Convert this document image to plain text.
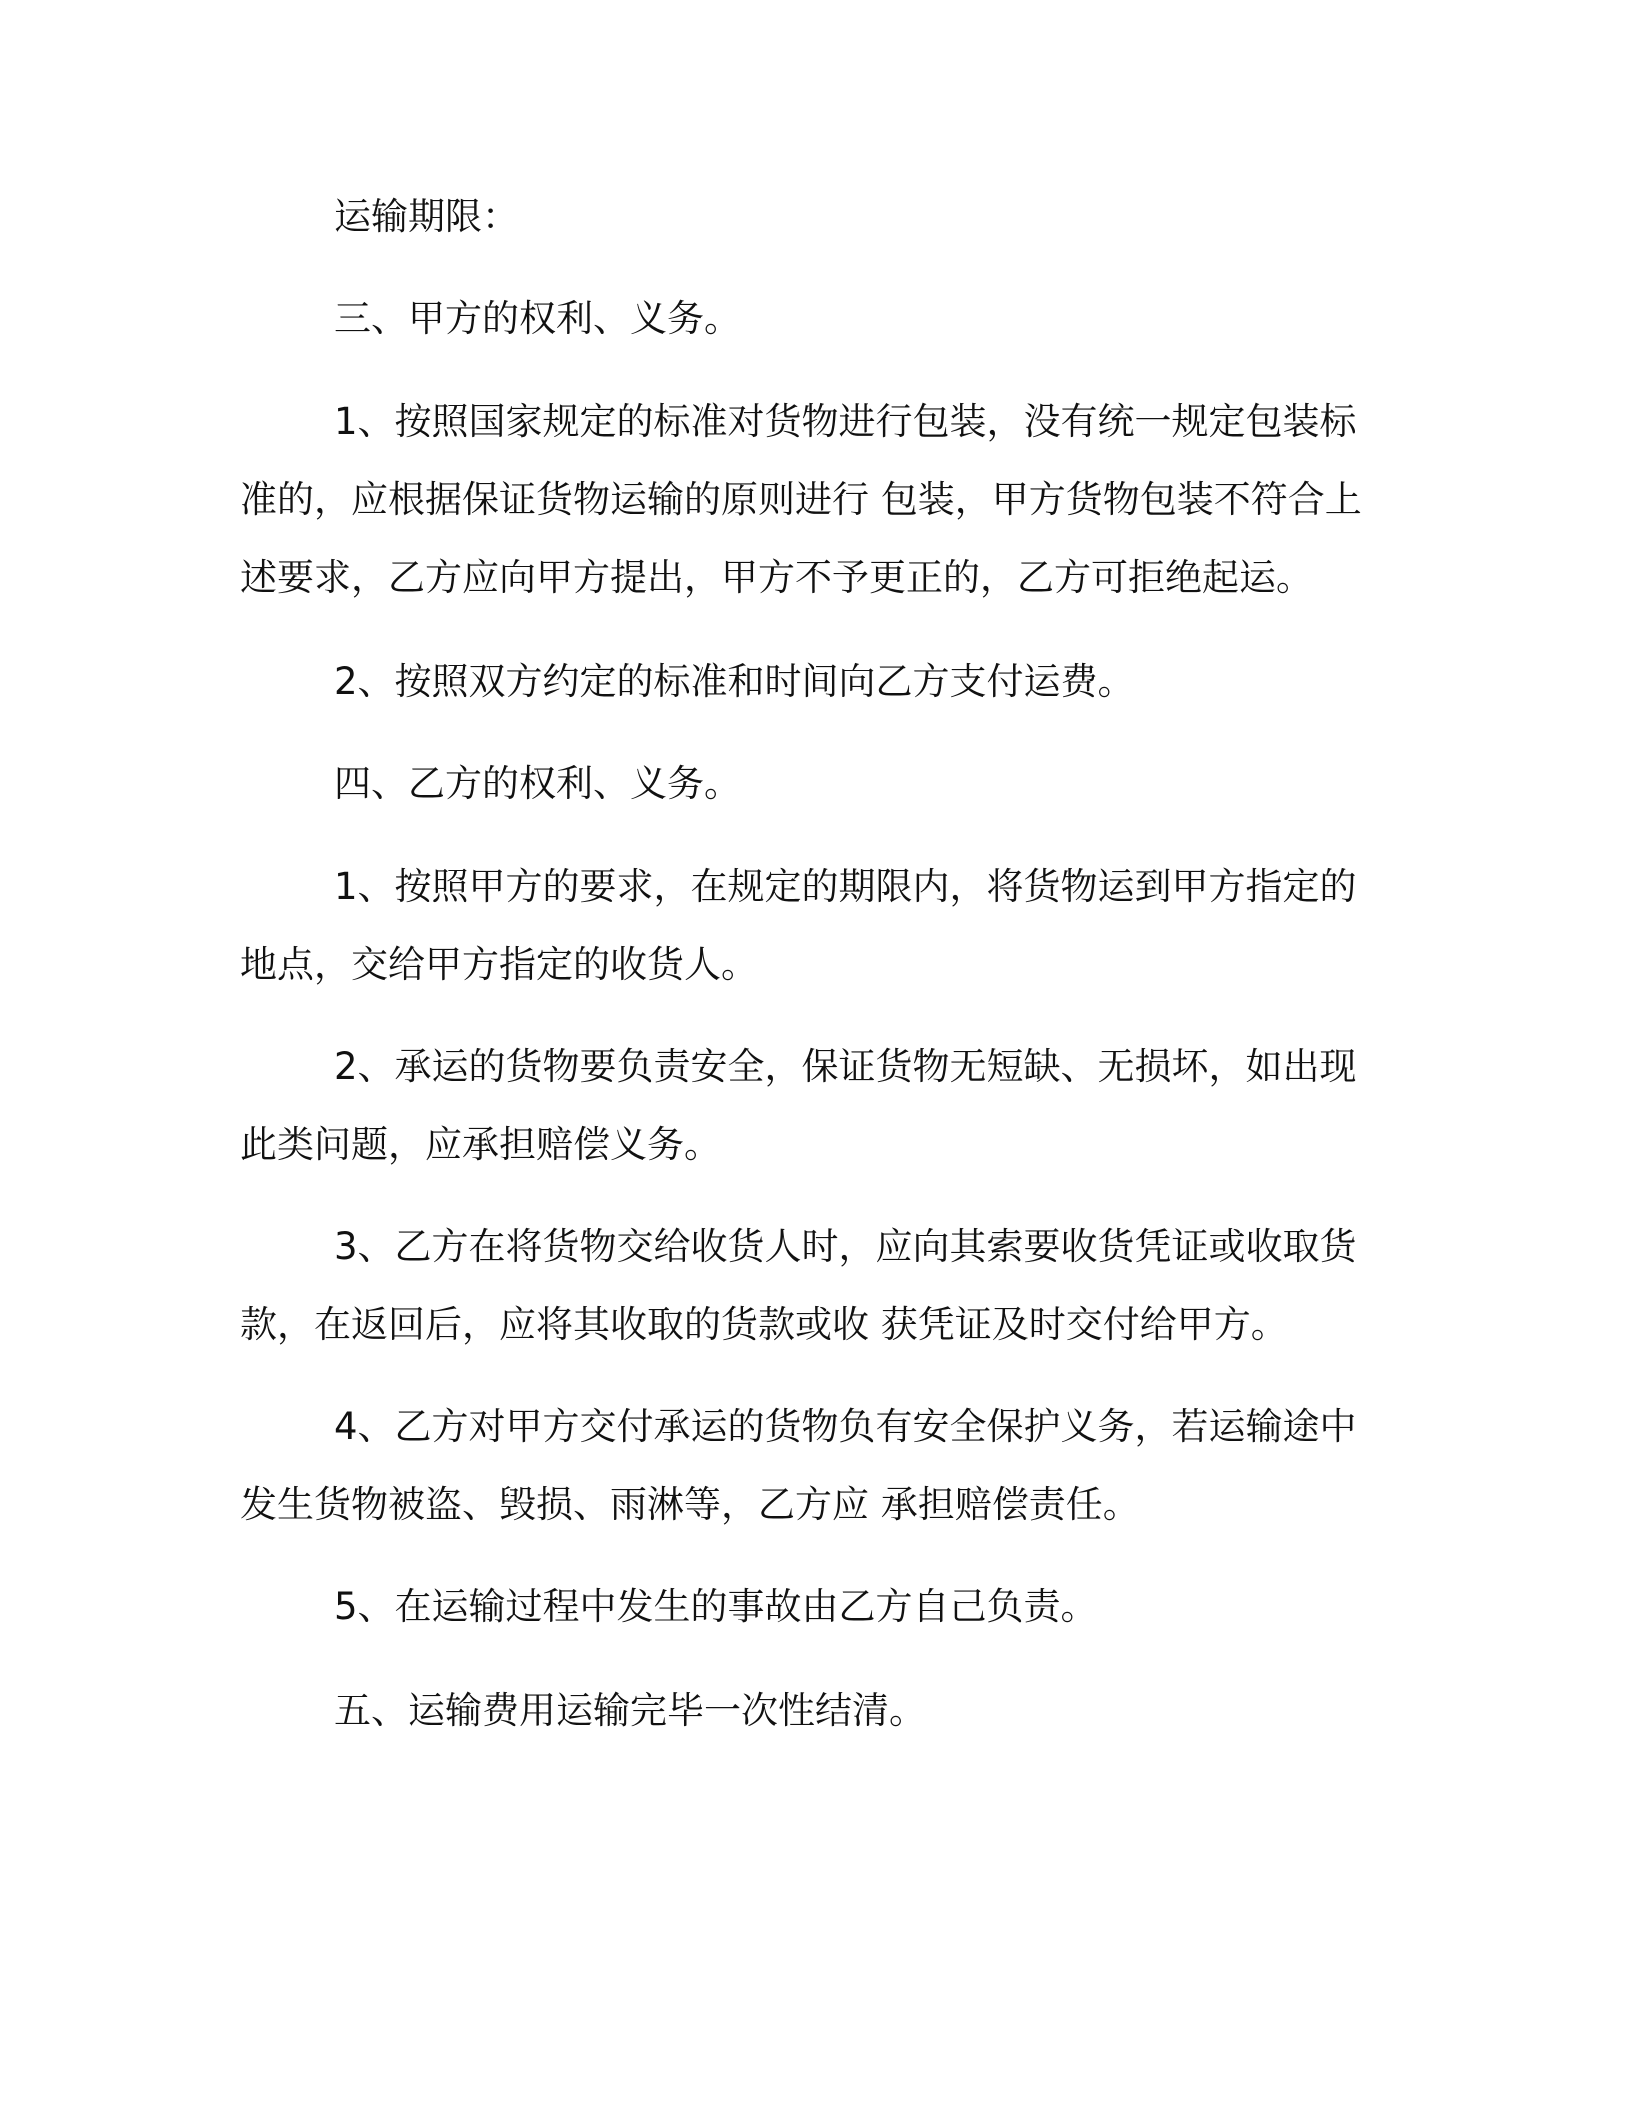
运输期限：
三、甲方的权利、义务。
1、按照国家规定的标准对货物进行包装，没有统一规定包装标
准的，应根据保证货物运输的原则进行 包装，甲方货物包装不符合上
述要求，乙方应向甲方提出，甲方不予更正的，乙方可拒绝起运。
2、按照双方约定的标准和时间向乙方支付运费。
四、乙方的权利、义务。
1、按照甲方的要求，在规定的期限内，将货物运到甲方指定的
地点，交给甲方指定的收货人。
2、承运的货物要负责安全，保证货物无短缺、无损坏，如出现
此类问题，应承担赔偿义务。
3、乙方在将货物交给收货人时，应向其索要收货凭证或收取货
款，在返回后，应将其收取的货款或收 获凭证及时交付给甲方。
4、乙方对甲方交付承运的货物负有安全保护义务，若运输途中
发生货物被盗、毁损、雨淋等，乙方应 承担赔偿责任。
5、在运输过程中发生的事故由乙方自己负责。
五、运输费用运输完毕一次性结清。
